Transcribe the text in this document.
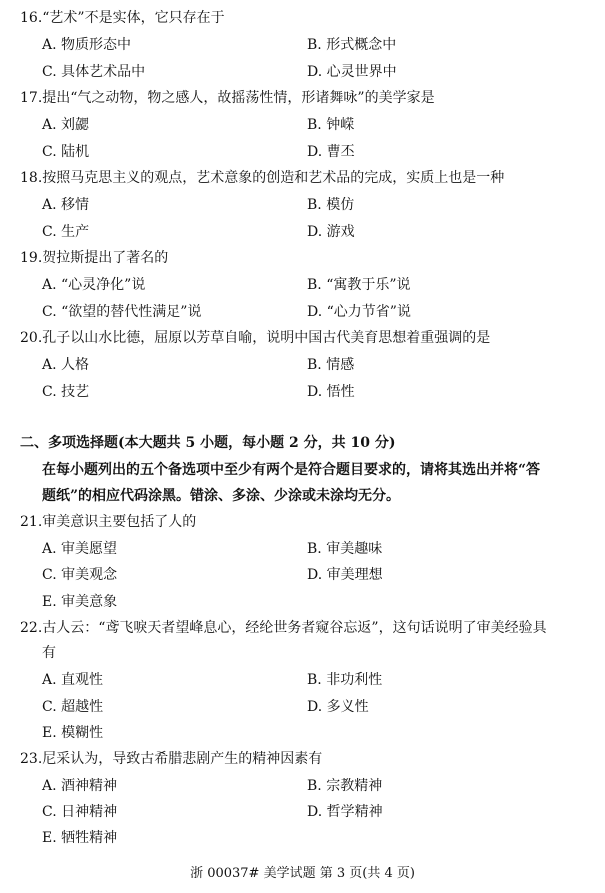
16.“艺术”不是实体，它只存在于
A. 物质形态中	B. 形式概念中
C. 具体艺术品中	D. 心灵世界中
17.提出“气之动物，物之感人，故摇荡性情，形诸舞咏”的美学家是
A. 刘勰	B. 钟嵘
C. 陆机	D. 曹丕
18.按照马克思主义的观点，艺术意象的创造和艺术品的完成，实质上也是一种
A. 移情	B. 模仿
C. 生产	D. 游戏
19.贺拉斯提出了著名的
A. “心灵净化”说	B. “寓教于乐”说
C. “欲望的替代性满足”说	D. “心力节省”说
20.孔子以山水比德，屈原以芳草自喻，说明中国古代美育思想着重强调的是
A. 人格	B. 情感
C. 技艺	D. 悟性
二、多项选择题(本大题共 5 小题，每小题 2 分，共 10 分)
在每小题列出的五个备选项中至少有两个是符合题目要求的，请将其选出并将“答
题纸”的相应代码涂黑。错涂、多涂、少涂或未涂均无分。
21.审美意识主要包括了人的
A. 审美愿望	B. 审美趣味
C. 审美观念	D. 审美理想
E. 审美意象
22.古人云：“鸢飞唳天者望峰息心，经纶世务者窥谷忘返”，这句话说明了审美经验具
有
A. 直观性	B. 非功利性
C. 超越性	D. 多义性
E. 模糊性
23.尼采认为，导致古希腊悲剧产生的精神因素有
A. 酒神精神	B. 宗教精神
C. 日神精神	D. 哲学精神
E. 牺牲精神
浙 00037# 美学试题 第 3 页(共 4 页)
